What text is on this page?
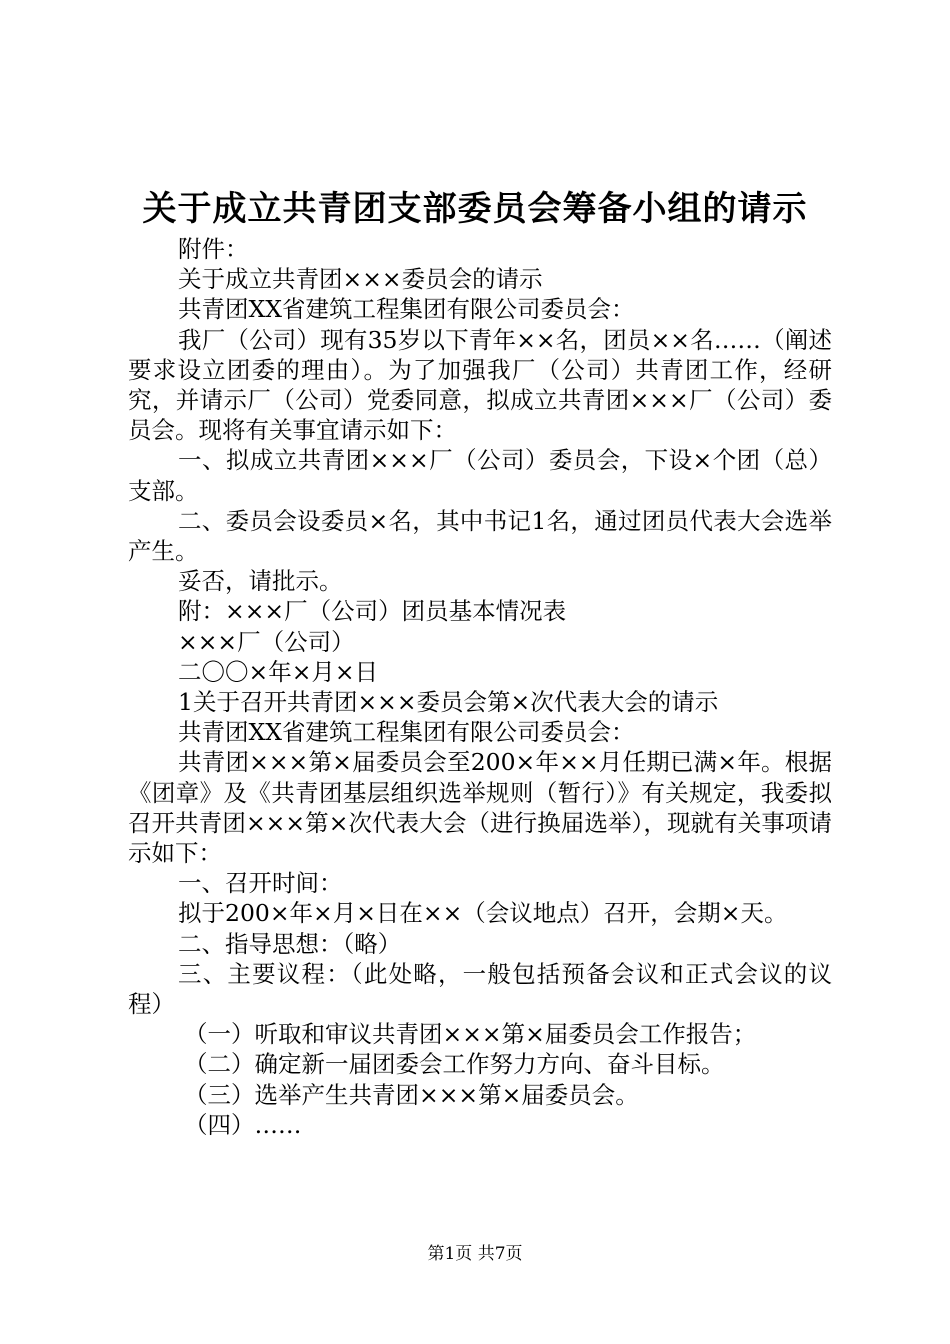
关于成立共青团支部委员会筹备小组的请示

附件：

关于成立共青团×××委员会的请示

共青团XX省建筑工程集团有限公司委员会：

我厂（公司）现有35岁以下青年××名，团员××名……（阐述要求设立团委的理由）。为了加强我厂（公司）共青团工作，经研究，并请示厂（公司）党委同意，拟成立共青团×××厂（公司）委员会。现将有关事宜请示如下：

一、拟成立共青团×××厂（公司）委员会，下设×个团（总）支部。

二、委员会设委员×名，其中书记1名，通过团员代表大会选举产生。

妥否，请批示。

附：×××厂（公司）团员基本情况表

×××厂（公司）

二〇〇×年×月×日

1关于召开共青团×××委员会第×次代表大会的请示

共青团XX省建筑工程集团有限公司委员会：

共青团×××第×届委员会至200×年××月任期已满×年。根据《团章》及《共青团基层组织选举规则（暂行）》有关规定，我委拟召开共青团×××第×次代表大会（进行换届选举），现就有关事项请示如下：

一、召开时间：

拟于200×年×月×日在××（会议地点）召开，会期×天。

二、指导思想：（略）

三、主要议程：（此处略，一般包括预备会议和正式会议的议程）

（一）听取和审议共青团×××第×届委员会工作报告；

（二）确定新一届团委会工作努力方向、奋斗目标。

（三）选举产生共青团×××第×届委员会。

（四）……

第1页 共7页
